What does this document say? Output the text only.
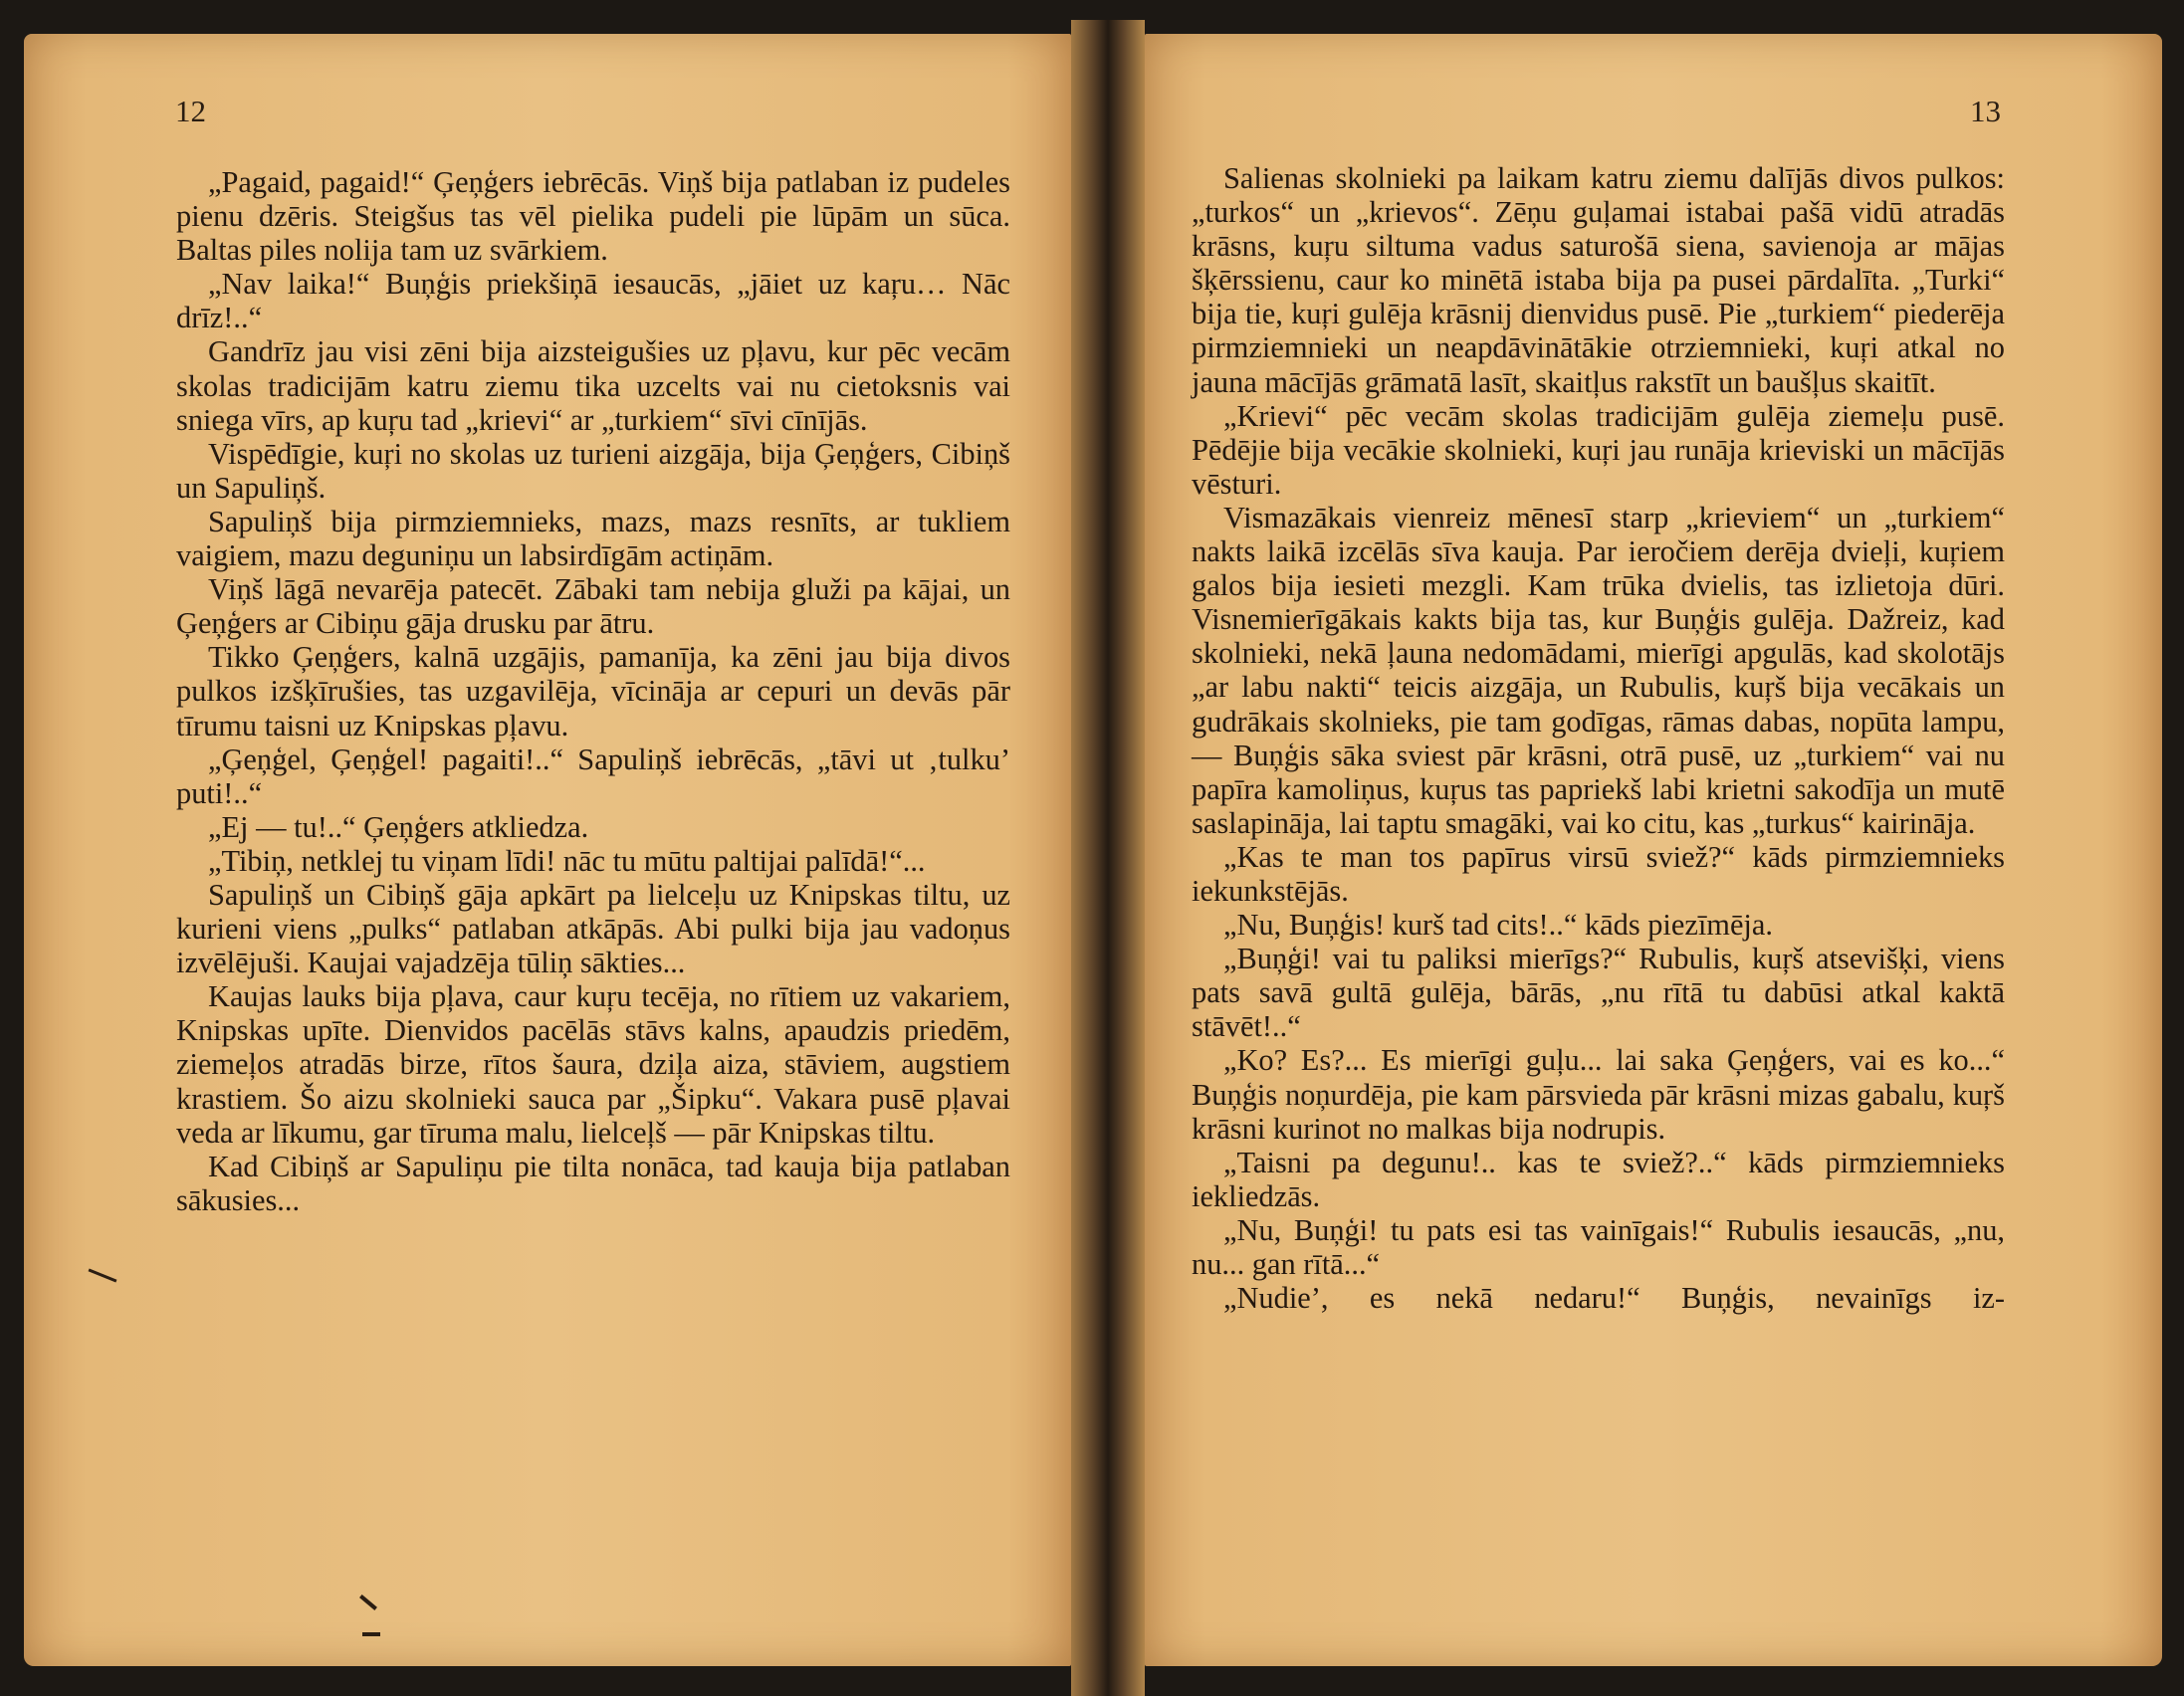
12

„Pagaid, pagaid!“ Ģeņģers iebrēcās. Viņš bija patlaban iz pudeles pienu dzēris. Steigšus tas vēl pielika pudeli pie lūpām un sūca. Baltas piles nolija tam uz svārkiem.

„Nav laika!“ Buņģis priekšiņā iesaucās, „jāiet uz kaŗu… Nāc drīz!..“

Gandrīz jau visi zēni bija aizsteigušies uz pļavu, kur pēc vecām skolas tradicijām katru ziemu tika uzcelts vai nu cietoksnis vai sniega vīrs, ap kuŗu tad „krievi“ ar „turkiem“ sīvi cīnījās.

Vispēdīgie, kuŗi no skolas uz turieni aizgāja, bija Ģeņģers, Cibiņš un Sapuliņš.

Sapuliņš bija pirmziemnieks, mazs, mazs resnīts, ar tukliem vaigiem, mazu deguniņu un labsirdīgām actiņām.

Viņš lāgā nevarēja patecēt. Zābaki tam nebija gluži pa kājai, un Ģeņģers ar Cibiņu gāja drusku par ātru.

Tikko Ģeņģers, kalnā uzgājis, pamanīja, ka zēni jau bija divos pulkos izšķīrušies, tas uzgavilēja, vīcināja ar cepuri un devās pār tīrumu taisni uz Knipskas pļavu.

„Ģeņģel, Ģeņģel! pagaiti!..“ Sapuliņš iebrēcās, „tāvi ut ‚tulku’ puti!..“

„Ej — tu!..“ Ģeņģers atkliedza.

„Tibiņ, netklej tu viņam līdi! nāc tu mūtu paltijai palīdā!“...

Sapuliņš un Cibiņš gāja apkārt pa lielceļu uz Knipskas tiltu, uz kurieni viens „pulks“ patlaban atkāpās. Abi pulki bija jau vadoņus izvēlējuši. Kaujai vajadzēja tūliņ sākties...

Kaujas lauks bija pļava, caur kuŗu tecēja, no rītiem uz vakariem, Knipskas upīte. Dienvidos pacēlās stāvs kalns, apaudzis priedēm, ziemeļos atradās birze, rītos šaura, dziļa aiza, stāviem, augstiem krastiem. Šo aizu skolnieki sauca par „Šipku“. Vakara pusē pļavai veda ar līkumu, gar tīruma malu, lielceļš — pār Knipskas tiltu.

Kad Cibiņš ar Sapuliņu pie tilta nonāca, tad kauja bija patlaban sākusies...

13

Salienas skolnieki pa laikam katru ziemu dalījās divos pulkos: „turkos“ un „krievos“. Zēņu guļamai istabai pašā vidū atradās krāsns, kuŗu siltuma vadus saturošā siena, savienoja ar mājas šķērssienu, caur ko minētā istaba bija pa pusei pārdalīta. „Turki“ bija tie, kuŗi gulēja krāsnij dienvidus pusē. Pie „turkiem“ piederēja pirmziemnieki un neapdāvinātākie otrziemnieki, kuŗi atkal no jauna mācījās grāmatā lasīt, skaitļus rakstīt un baušļus skaitīt.

„Krievi“ pēc vecām skolas tradicijām gulēja ziemeļu pusē. Pēdējie bija vecākie skolnieki, kuŗi jau runāja krieviski un mācījās vēsturi.

Vismazākais vienreiz mēnesī starp „krieviem“ un „turkiem“ nakts laikā izcēlās sīva kauja. Par ieročiem derēja dvieļi, kuŗiem galos bija iesieti mezgli. Kam trūka dvielis, tas izlietoja dūri. Visnemierīgākais kakts bija tas, kur Buņģis gulēja. Dažreiz, kad skolnieki, nekā ļauna nedomādami, mierīgi apgulās, kad skolotājs „ar labu nakti“ teicis aizgāja, un Rubulis, kuŗš bija vecākais un gudrākais skolnieks, pie tam godīgas, rāmas dabas, nopūta lampu, — Buņģis sāka sviest pār krāsni, otrā pusē, uz „turkiem“ vai nu papīra kamoliņus, kuŗus tas papriekš labi krietni sakodīja un mutē saslapināja, lai taptu smagāki, vai ko citu, kas „turkus“ kairināja.

„Kas te man tos papīrus virsū sviež?“ kāds pirmziemnieks iekunkstējās.

„Nu, Buņģis! kurš tad cits!..“ kāds piezīmēja.

„Buņģi! vai tu paliksi mierīgs?“ Rubulis, kuŗš atsevišķi, viens pats savā gultā gulēja, bārās, „nu rītā tu dabūsi atkal kaktā stāvēt!..“

„Ko? Es?... Es mierīgi guļu... lai saka Ģeņģers, vai es ko...“ Buņģis noņurdēja, pie kam pārsvieda pār krāsni mizas gabalu, kuŗš krāsni kurinot no malkas bija nodrupis.

„Taisni pa degunu!.. kas te sviež?..“ kāds pirmziemnieks iekliedzās.

„Nu, Buņģi! tu pats esi tas vainīgais!“ Rubulis iesaucās, „nu, nu... gan rītā...“

„Nudie’, es nekā nedaru!“ Buņģis, nevainīgs iz-
